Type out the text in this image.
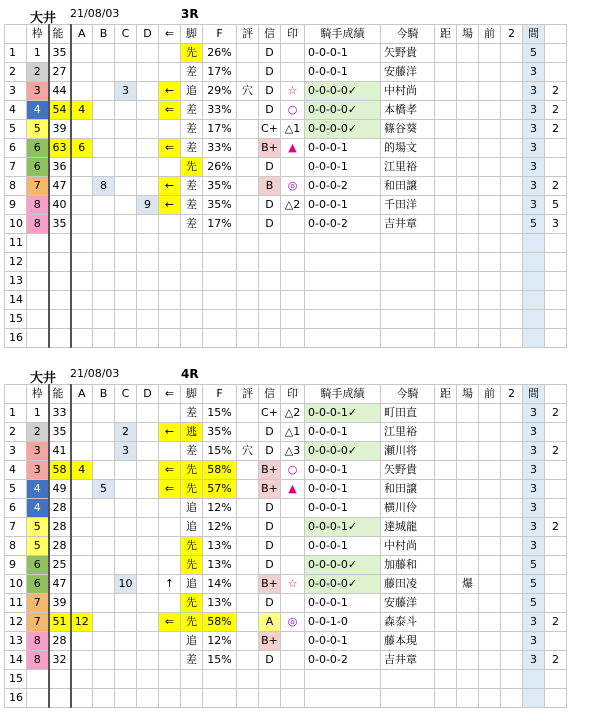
大井 21/08/03	3R
	枠	能	A	B	C	D	⇐	脚	F	評	信	印	騎手成績	今騎	距	場	前	2	間	
1	1	35						先	26%		D		0-0-0-1	矢野貴					5	
2	2	27						差	17%		D		0-0-0-1	安藤洋					3	
3	3	44			3		←	追	29%	穴	D	☆	0-0-0-0✓	中村尚					3	2
4	4	54	4				⇐	差	33%		D	○	0-0-0-0✓	本橋孝					3	2
5	5	39						差	17%		C+	△1	0-0-0-0✓	篠谷葵					3	2
6	6	63	6				⇐	差	33%		B+	▲	0-0-0-1	的場文					3	
7	6	36						先	26%		D		0-0-0-1	江里裕					3	
8	7	47		8			←	差	35%		B	◎	0-0-0-2	和田譲					3	2
9	8	40				9	←	差	35%		D	△2	0-0-0-1	千田洋					3	5
10	8	35						差	17%		D		0-0-0-2	吉井章					5	3
11																				
12																				
13																				
14																				
15																				
16																				
大井 21/08/03	4R
	枠	能	A	B	C	D	⇐	脚	F	評	信	印	騎手成績	今騎	距	場	前	2	間	
1	1	33						差	15%		C+	△2	0-0-0-1✓	町田直					3	2
2	2	35			2		←	逃	35%		D	△1	0-0-0-1	江里裕					3	
3	3	41			3			差	15%	穴	D	△3	0-0-0-0✓	瀬川将					3	2
4	3	58	4				⇐	先	58%		B+	○	0-0-0-1	矢野貴					3	
5	4	49		5			⇐	先	57%		B+	▲	0-0-0-1	和田譲					3	
6	4	28						追	12%		D		0-0-0-1	横川伶					3	
7	5	28						追	12%		D		0-0-0-1✓	達城龍					3	2
8	5	28						先	13%		D		0-0-0-1	中村尚					3	
9	6	25						先	13%		D		0-0-0-0✓	加藤和					5	
10	6	47			10		↑	追	14%		B+	☆	0-0-0-0✓	藤田凌		爆			5	
11	7	39						先	13%		D		0-0-0-1	安藤洋					5	
12	7	51	12				⇐	先	58%		A	◎	0-0-1-0	森泰斗					3	2
13	8	28						追	12%		B+		0-0-0-1	藤本現					3	
14	8	32						差	15%		D		0-0-0-2	吉井章					3	2
15																				
16																				
